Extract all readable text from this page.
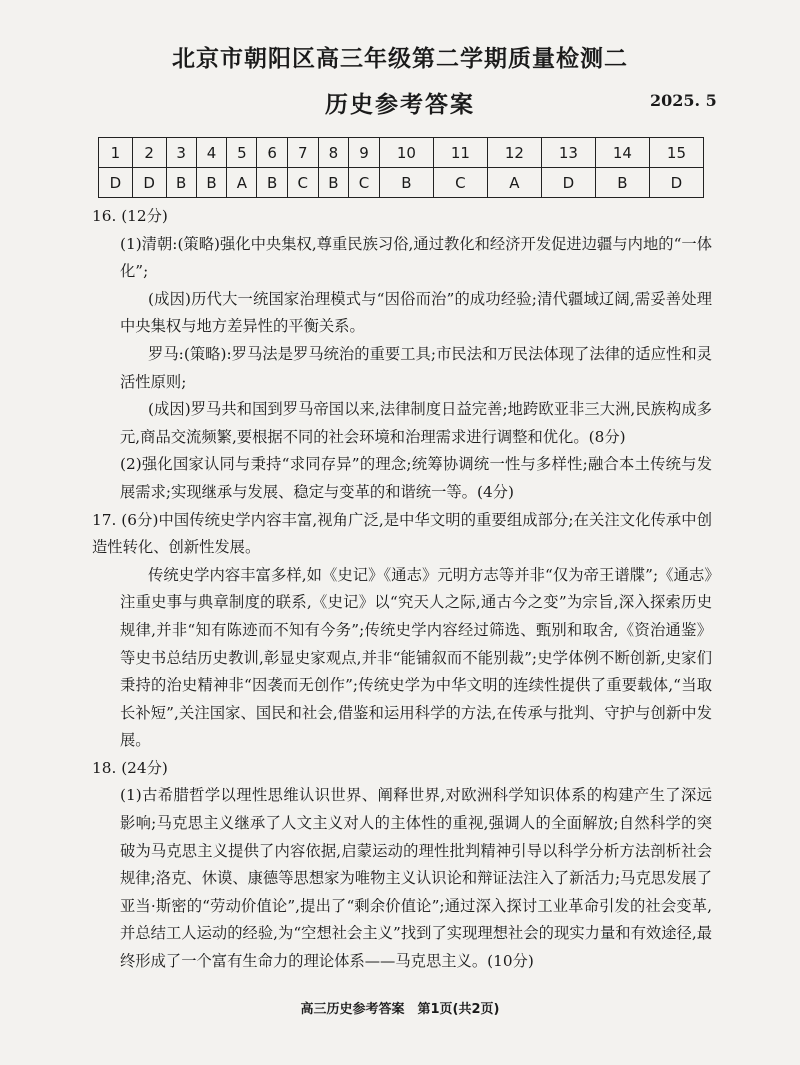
北京市朝阳区高三年级第二学期质量检测二
历史参考答案	2025. 5
1	2	3	4	5	6	7	8	9	10	11	12	13	14	15
D	D	B	B	A	B	C	B	C	B	C	A	D	B	D

16. (12分)

(1)清朝:(策略)强化中央集权,尊重民族习俗,通过教化和经济开发促进边疆与内地的“一体化”;

(成因)历代大一统国家治理模式与“因俗而治”的成功经验;清代疆域辽阔,需妥善处理中央集权与地方差异性的平衡关系。

罗马:(策略):罗马法是罗马统治的重要工具;市民法和万民法体现了法律的适应性和灵活性原则;

(成因)罗马共和国到罗马帝国以来,法律制度日益完善;地跨欧亚非三大洲,民族构成多元,商品交流频繁,要根据不同的社会环境和治理需求进行调整和优化。(8分)

(2)强化国家认同与秉持“求同存异”的理念;统筹协调统一性与多样性;融合本土传统与发展需求;实现继承与发展、稳定与变革的和谐统一等。(4分)

17. (6分)中国传统史学内容丰富,视角广泛,是中华文明的重要组成部分;在关注文化传承中创造性转化、创新性发展。

传统史学内容丰富多样,如《史记》《通志》元明方志等并非“仅为帝王谱牒”;《通志》注重史事与典章制度的联系,《史记》以“究天人之际,通古今之变”为宗旨,深入探索历史规律,并非“知有陈迹而不知有今务”;传统史学内容经过筛选、甄别和取舍,《资治通鉴》等史书总结历史教训,彰显史家观点,并非“能铺叙而不能别裁”;史学体例不断创新,史家们秉持的治史精神非“因袭而无创作”;传统史学为中华文明的连续性提供了重要载体,“当取长补短”,关注国家、国民和社会,借鉴和运用科学的方法,在传承与批判、守护与创新中发展。

18. (24分)

(1)古希腊哲学以理性思维认识世界、阐释世界,对欧洲科学知识体系的构建产生了深远影响;马克思主义继承了人文主义对人的主体性的重视,强调人的全面解放;自然科学的突破为马克思主义提供了内容依据,启蒙运动的理性批判精神引导以科学分析方法剖析社会规律;洛克、休谟、康德等思想家为唯物主义认识论和辩证法注入了新活力;马克思发展了亚当·斯密的“劳动价值论”,提出了“剩余价值论”;通过深入探讨工业革命引发的社会变革,并总结工人运动的经验,为“空想社会主义”找到了实现理想社会的现实力量和有效途径,最终形成了一个富有生命力的理论体系——马克思主义。(10分)

高三历史参考答案　第1页(共2页)
